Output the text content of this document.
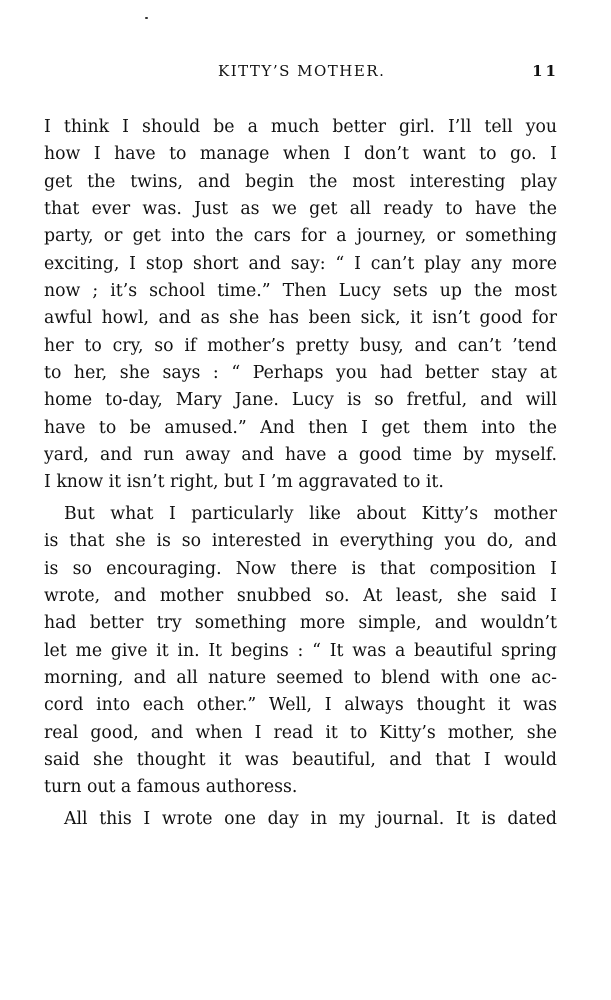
KITTY’S MOTHER.	11
I think I should be a much better girl. I’ll tell you
how I have to manage when I don’t want to go. I
get the twins, and begin the most interesting play
that ever was. Just as we get all ready to have the
party, or get into the cars for a journey, or something
exciting, I stop short and say: “ I can’t play any more
now ; it’s school time.” Then Lucy sets up the most
awful howl, and as she has been sick, it isn’t good for
her to cry, so if mother’s pretty busy, and can’t ’tend
to her, she says : “ Perhaps you had better stay at
home to-day, Mary Jane. Lucy is so fretful, and will
have to be amused.” And then I get them into the
yard, and run away and have a good time by myself.
I know it isn’t right, but I ’m aggravated to it.
But what I particularly like about Kitty’s mother
is that she is so interested in everything you do, and
is so encouraging. Now there is that composition I
wrote, and mother snubbed so. At least, she said I
had better try something more simple, and wouldn’t
let me give it in. It begins : “ It was a beautiful spring
morning, and all nature seemed to blend with one ac-
cord into each other.” Well, I always thought it was
real good, and when I read it to Kitty’s mother, she
said she thought it was beautiful, and that I would
turn out a famous authoress.
All this I wrote one day in my journal. It is dated
